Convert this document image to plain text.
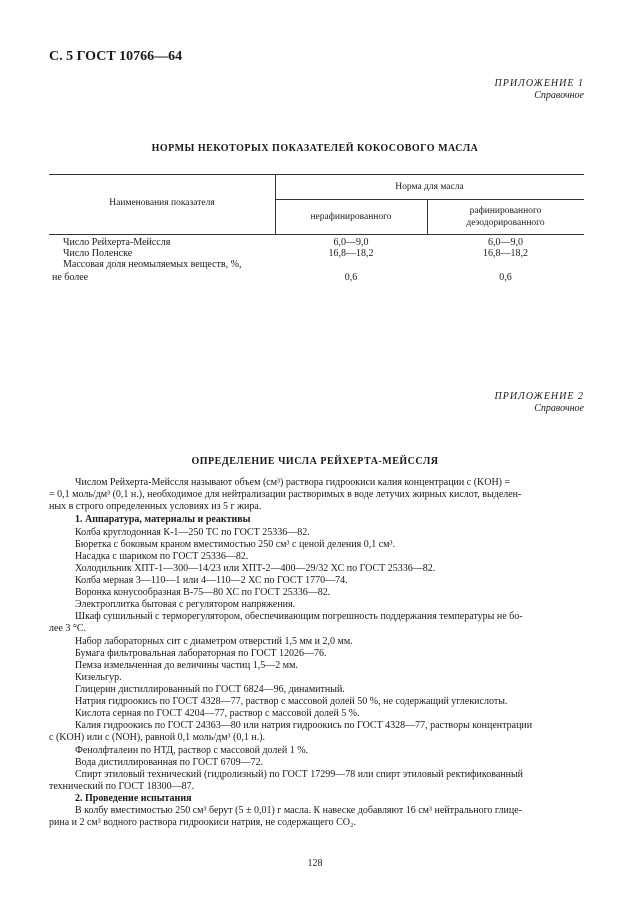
С. 5 ГОСТ 10766—64
ПРИЛОЖЕНИЕ 1
Справочное
НОРМЫ НЕКОТОРЫХ ПОКАЗАТЕЛЕЙ КОКОСОВОГО МАСЛА
Наименования показателя
Норма для масла
нерафинированного
рафинированного
дезодорированного
Число Рейхерта-Мейссля	6,0—9,0	6,0—9,0
Число Поленске	16,8—18,2	16,8—18,2
Массовая доля неомыляемых веществ, %,
не более	0,6	0,6
ПРИЛОЖЕНИЕ 2
Справочное
ОПРЕДЕЛЕНИЕ ЧИСЛА РЕЙХЕРТА-МЕЙССЛЯ
Числом Рейхерта-Мейссля называют объем (см³) раствора гидроокиси калия концентрации с (KOH) =
= 0,1 моль/дм³ (0,1 н.), необходимое для нейтрализации растворимых в воде летучих жирных кислот, выделен-
ных в строго определенных условиях из 5 г жира.
1. Аппаратура, материалы и реактивы
Колба круглодонная К-1—250 ТС по ГОСТ 25336—82.
Бюретка с боковым краном вместимостью 250 см³ с ценой деления 0,1 см³.
Насадка с шариком по ГОСТ 25336—82.
Холодильник ХПТ-1—300—14/23 или ХПТ-2—400—29/32 ХС по ГОСТ 25336—82.
Колба мерная 3—110—1 или 4—110—2 ХС по ГОСТ 1770—74.
Воронка конусообразная В-75—80 ХС по ГОСТ 25336—82.
Электроплитка бытовая с регулятором напряжения.
Шкаф сушильный с терморегулятором, обеспечивающим погрешность поддержания температуры не бо-
лее 3 °С.
Набор лабораторных сит с диаметром отверстий 1,5 мм и 2,0 мм.
Бумага фильтровальная лабораторная по ГОСТ 12026—76.
Пемза измельченная до величины частиц 1,5—2 мм.
Кизельгур.
Глицерин дистиллированный по ГОСТ 6824—96, динамитный.
Натрия гидроокись по ГОСТ 4328—77, раствор с массовой долей 50 %, не содержащий углекислоты.
Кислота серная по ГОСТ 4204—77, раствор с массовой долей 5 %.
Калия гидроокись по ГОСТ 24363—80 или натрия гидроокись по ГОСТ 4328—77, растворы концентрации
с (KOH) или с (NOH), равной 0,1 моль/дм³ (0,1 н.).
Фенолфталеин по НТД, раствор с массовой долей 1 %.
Вода дистиллированная по ГОСТ 6709—72.
Спирт этиловый технический (гидролизный) по ГОСТ 17299—78 или спирт этиловый ректификованный
технический по ГОСТ 18300—87.
2. Проведение испытания
В колбу вместимостью 250 см³ берут (5 ± 0,01) г масла. К навеске добавляют 16 см³ нейтрального глице-
рина и 2 см³ водного раствора гидроокиси натрия, не содержащего CO₂.
128
